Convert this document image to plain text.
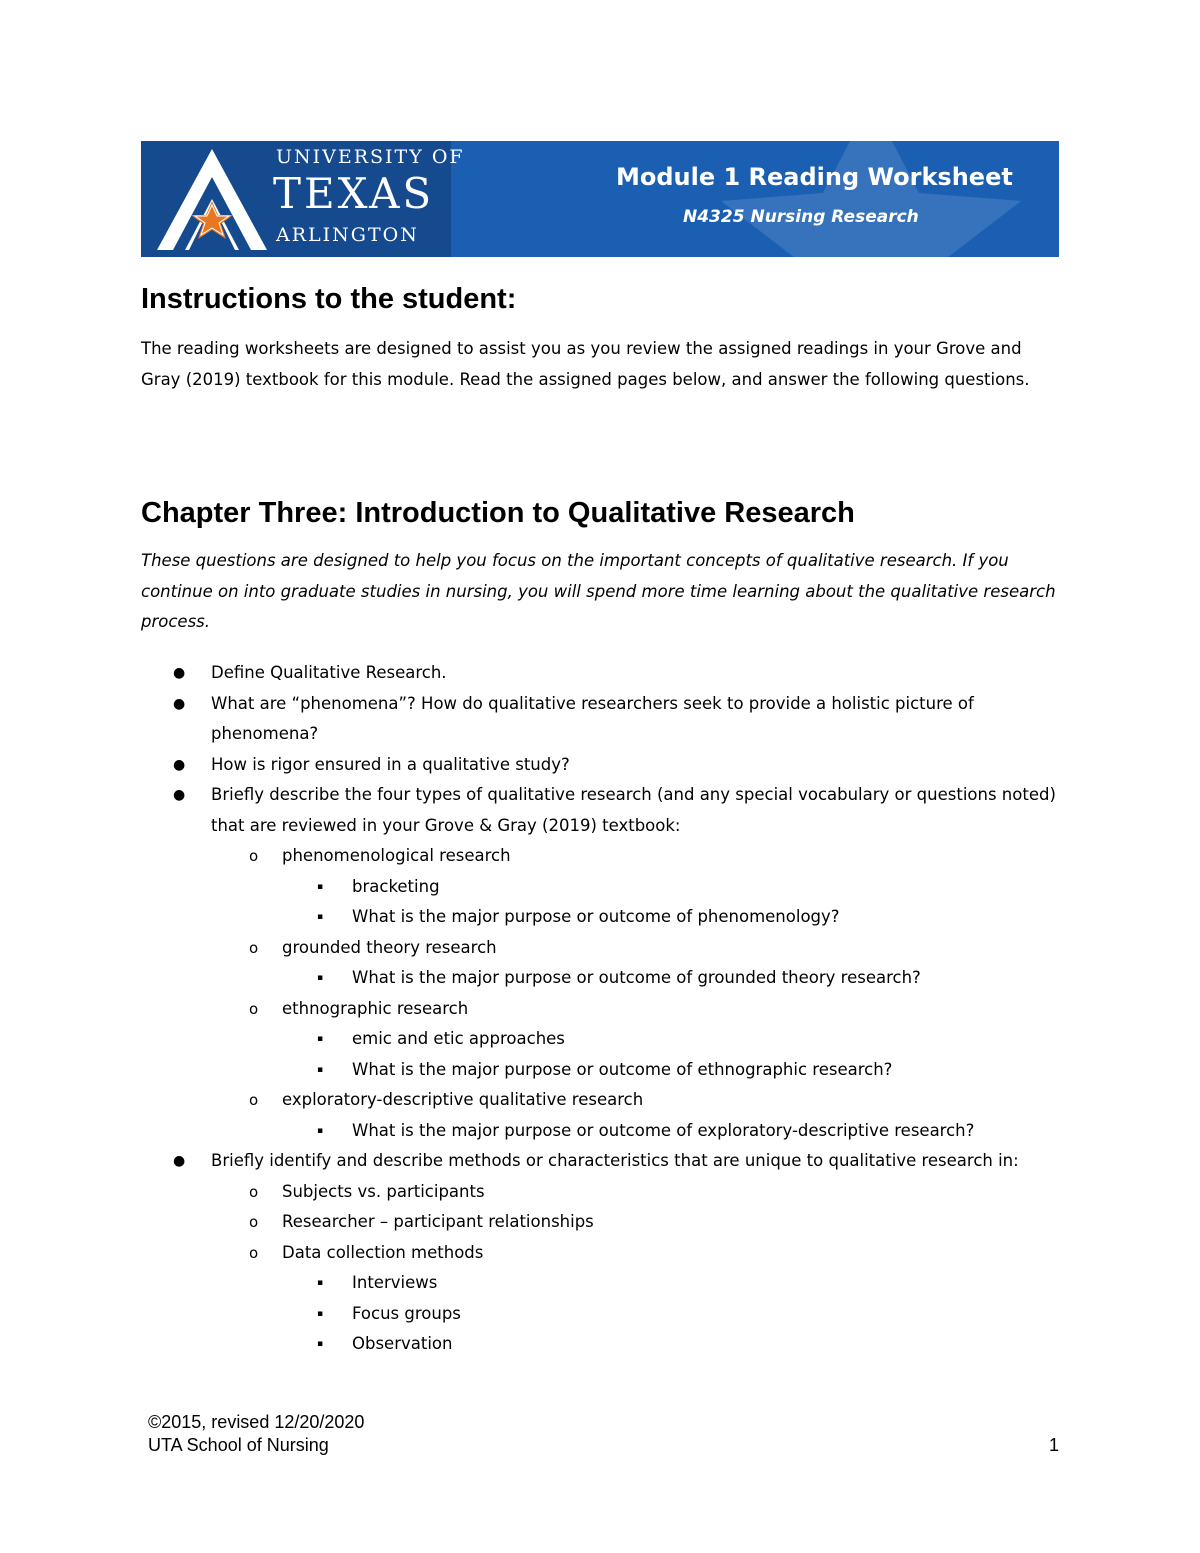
UNIVERSITY OF
TEXAS
ARLINGTON
Module 1 Reading Worksheet
N4325 Nursing Research
Instructions to the student:
The reading worksheets are designed to assist you as you review the assigned readings in your Grove and Gray (2019) textbook for this module. Read the assigned pages below, and answer the following questions.
Chapter Three: Introduction to Qualitative Research
These questions are designed to help you focus on the important concepts of qualitative research. If you continue on into graduate studies in nursing, you will spend more time learning about the qualitative research process.
● Define Qualitative Research.
● What are “phenomena”? How do qualitative researchers seek to provide a holistic picture of phenomena?
● How is rigor ensured in a qualitative study?
● Briefly describe the four types of qualitative research (and any special vocabulary or questions noted) that are reviewed in your Grove & Gray (2019) textbook:
o phenomenological research
▪ bracketing
▪ What is the major purpose or outcome of phenomenology?
o grounded theory research
▪ What is the major purpose or outcome of grounded theory research?
o ethnographic research
▪ emic and etic approaches
▪ What is the major purpose or outcome of ethnographic research?
o exploratory-descriptive qualitative research
▪ What is the major purpose or outcome of exploratory-descriptive research?
● Briefly identify and describe methods or characteristics that are unique to qualitative research in:
o Subjects vs. participants
o Researcher – participant relationships
o Data collection methods
▪ Interviews
▪ Focus groups
▪ Observation
©2015, revised 12/20/2020
UTA School of Nursing	1
